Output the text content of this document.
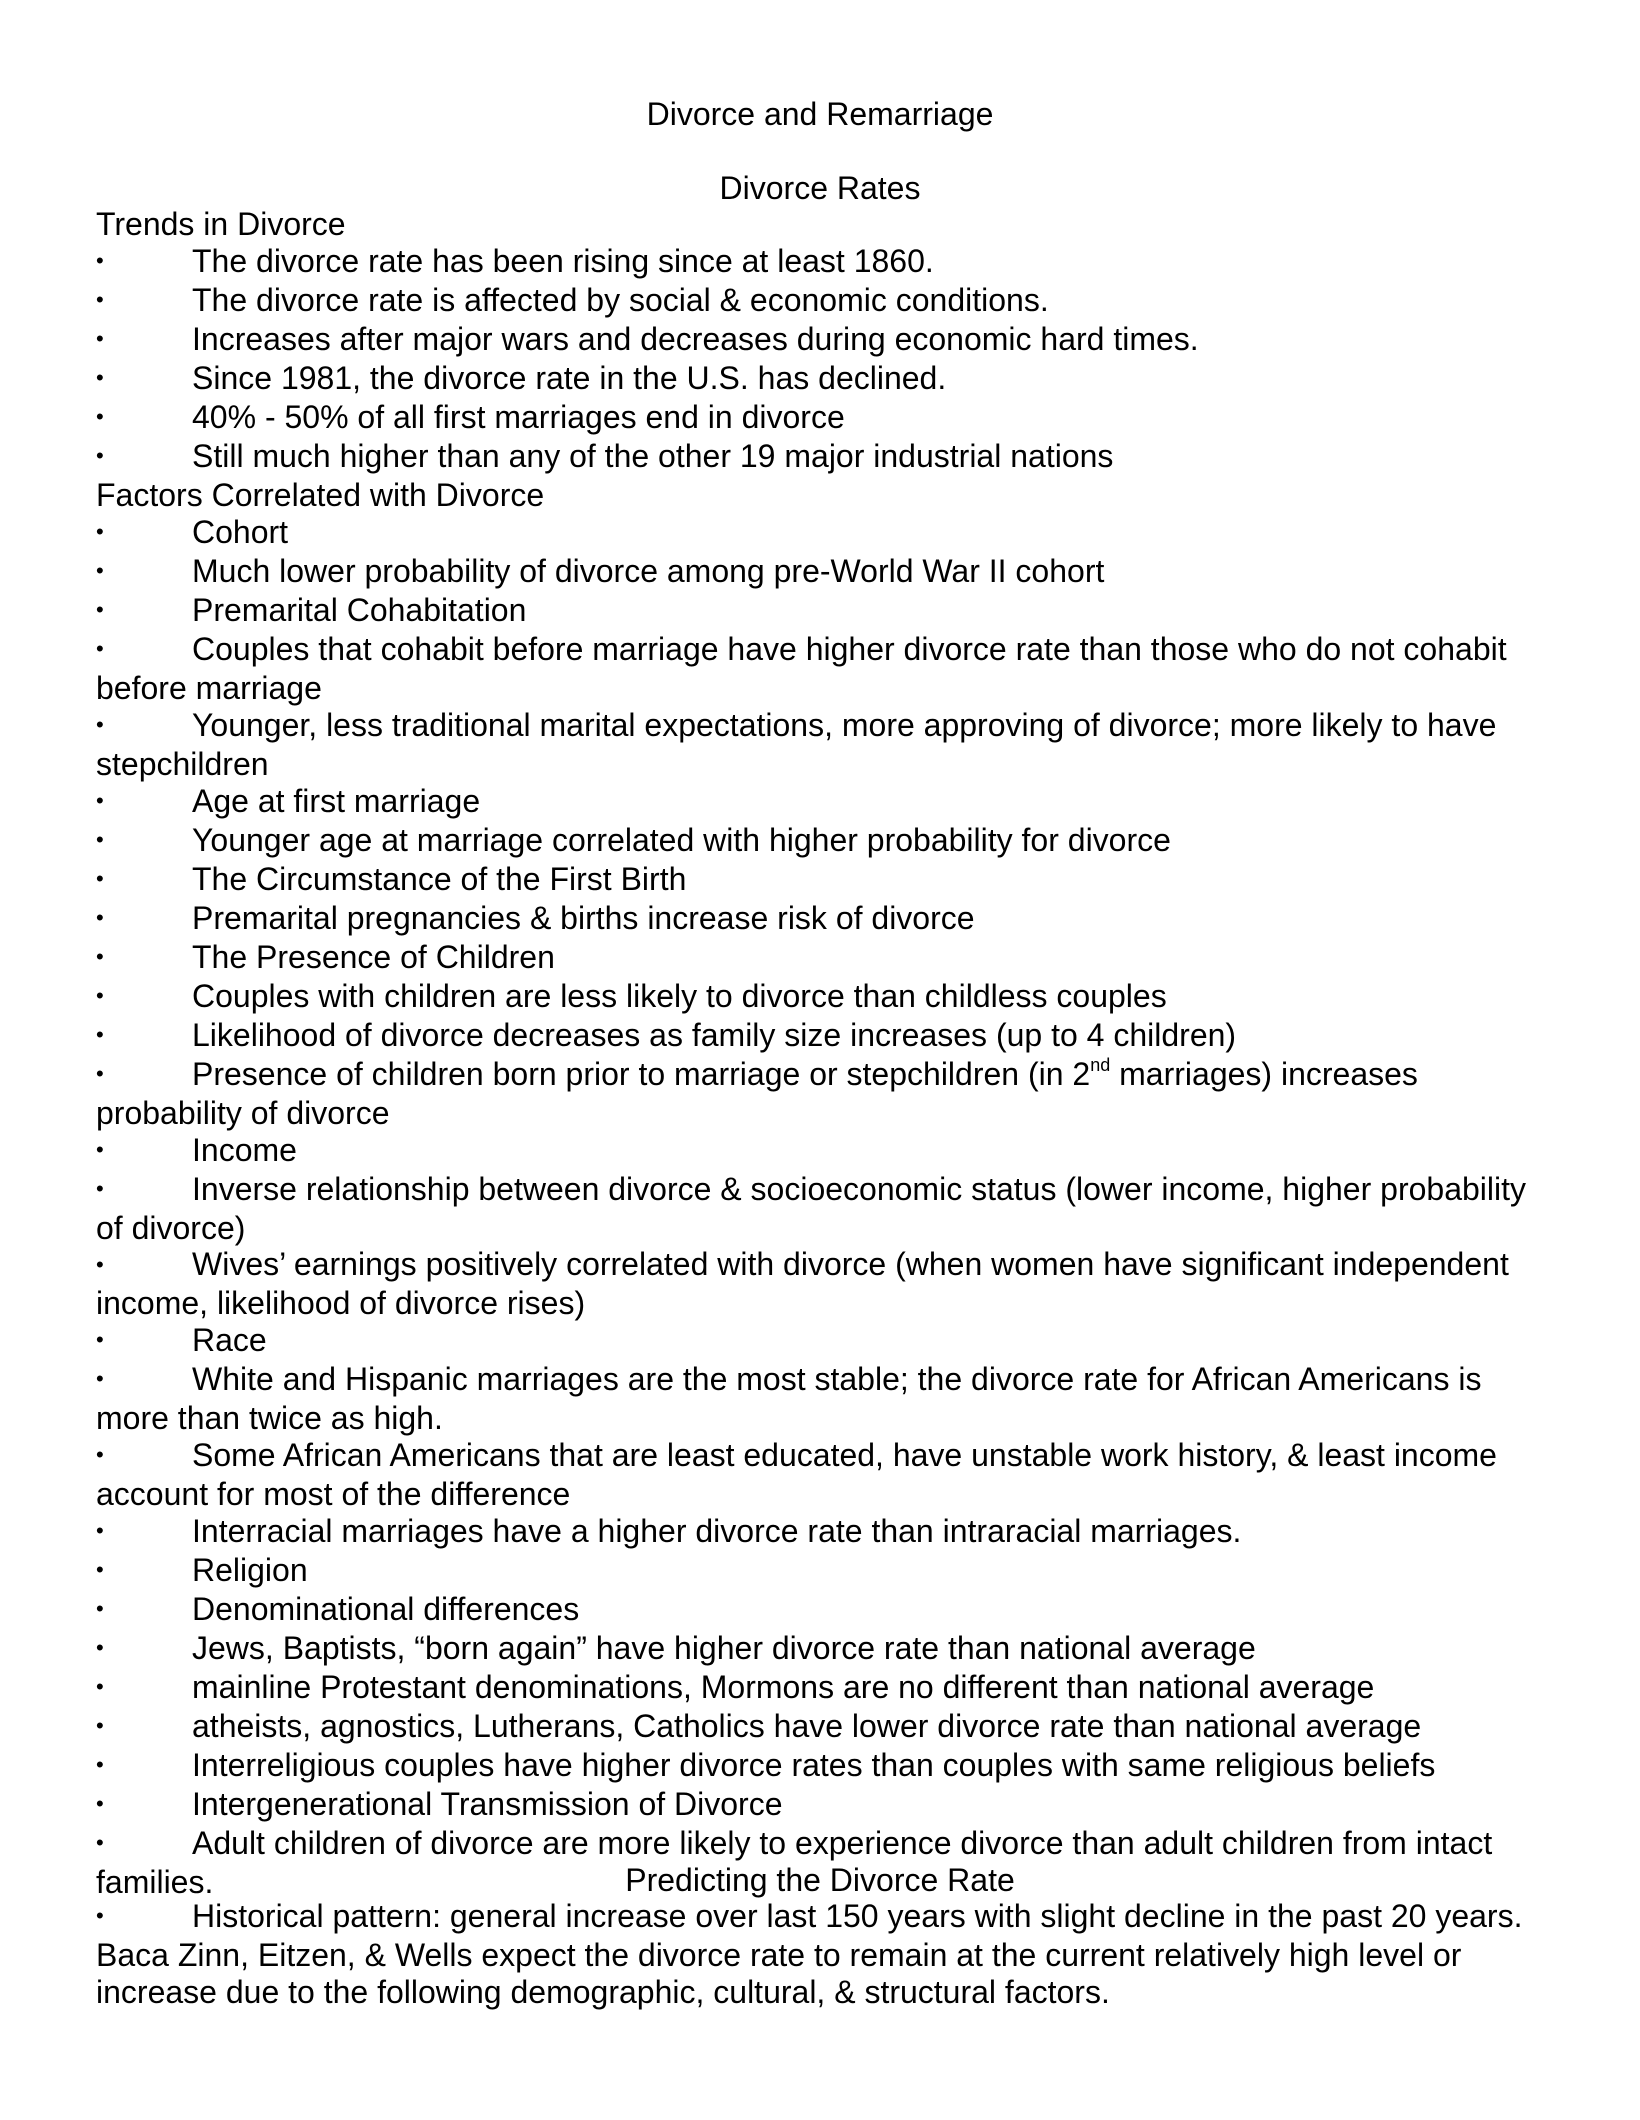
Divorce and Remarriage
Divorce Rates

Trends in Divorce

•	The divorce rate has been rising since at least 1860.

•	The divorce rate is affected by social & economic conditions.

•	Increases after major wars and decreases during economic hard times.

•	Since 1981, the divorce rate in the U.S. has declined.

•	40% - 50% of all first marriages end in divorce

•	Still much higher than any of the other 19 major industrial nations

Factors Correlated with Divorce

•	Cohort

•	Much lower probability of divorce among pre-World War II cohort

•	Premarital Cohabitation

•	Couples that cohabit before marriage have higher divorce rate than those who do not cohabit before marriage

•	Younger, less traditional marital expectations, more approving of divorce; more likely to have stepchildren

•	Age at first marriage

•	Younger age at marriage correlated with higher probability for divorce

•	The Circumstance of the First Birth

•	Premarital pregnancies & births increase risk of divorce

•	The Presence of Children

•	Couples with children are less likely to divorce than childless couples

•	Likelihood of divorce decreases as family size increases (up to 4 children)

•	Presence of children born prior to marriage or stepchildren (in 2nd marriages) increases probability of divorce

•	Income

•	Inverse relationship between divorce & socioeconomic status (lower income, higher probability of divorce)

•	Wives’ earnings positively correlated with divorce (when women have significant independent income, likelihood of divorce rises)

•	Race

•	White and Hispanic marriages are the most stable; the divorce rate for African Americans is more than twice as high.

•	Some African Americans that are least educated, have unstable work history, & least income account for most of the difference

•	Interracial marriages have a higher divorce rate than intraracial marriages.

•	Religion

•	Denominational differences

•	Jews, Baptists, “born again” have higher divorce rate than national average

•	mainline Protestant denominations, Mormons are no different than national average

•	atheists, agnostics, Lutherans, Catholics have lower divorce rate than national average

•	Interreligious couples have higher divorce rates than couples with same religious beliefs

•	Intergenerational Transmission of Divorce

•	Adult children of divorce are more likely to experience divorce than adult children from intact families.	Predicting the Divorce Rate

•	Historical pattern: general increase over last 150 years with slight decline in the past 20 years. Baca Zinn, Eitzen, & Wells expect the divorce rate to remain at the current relatively high level or increase due to the following demographic, cultural, & structural factors.
